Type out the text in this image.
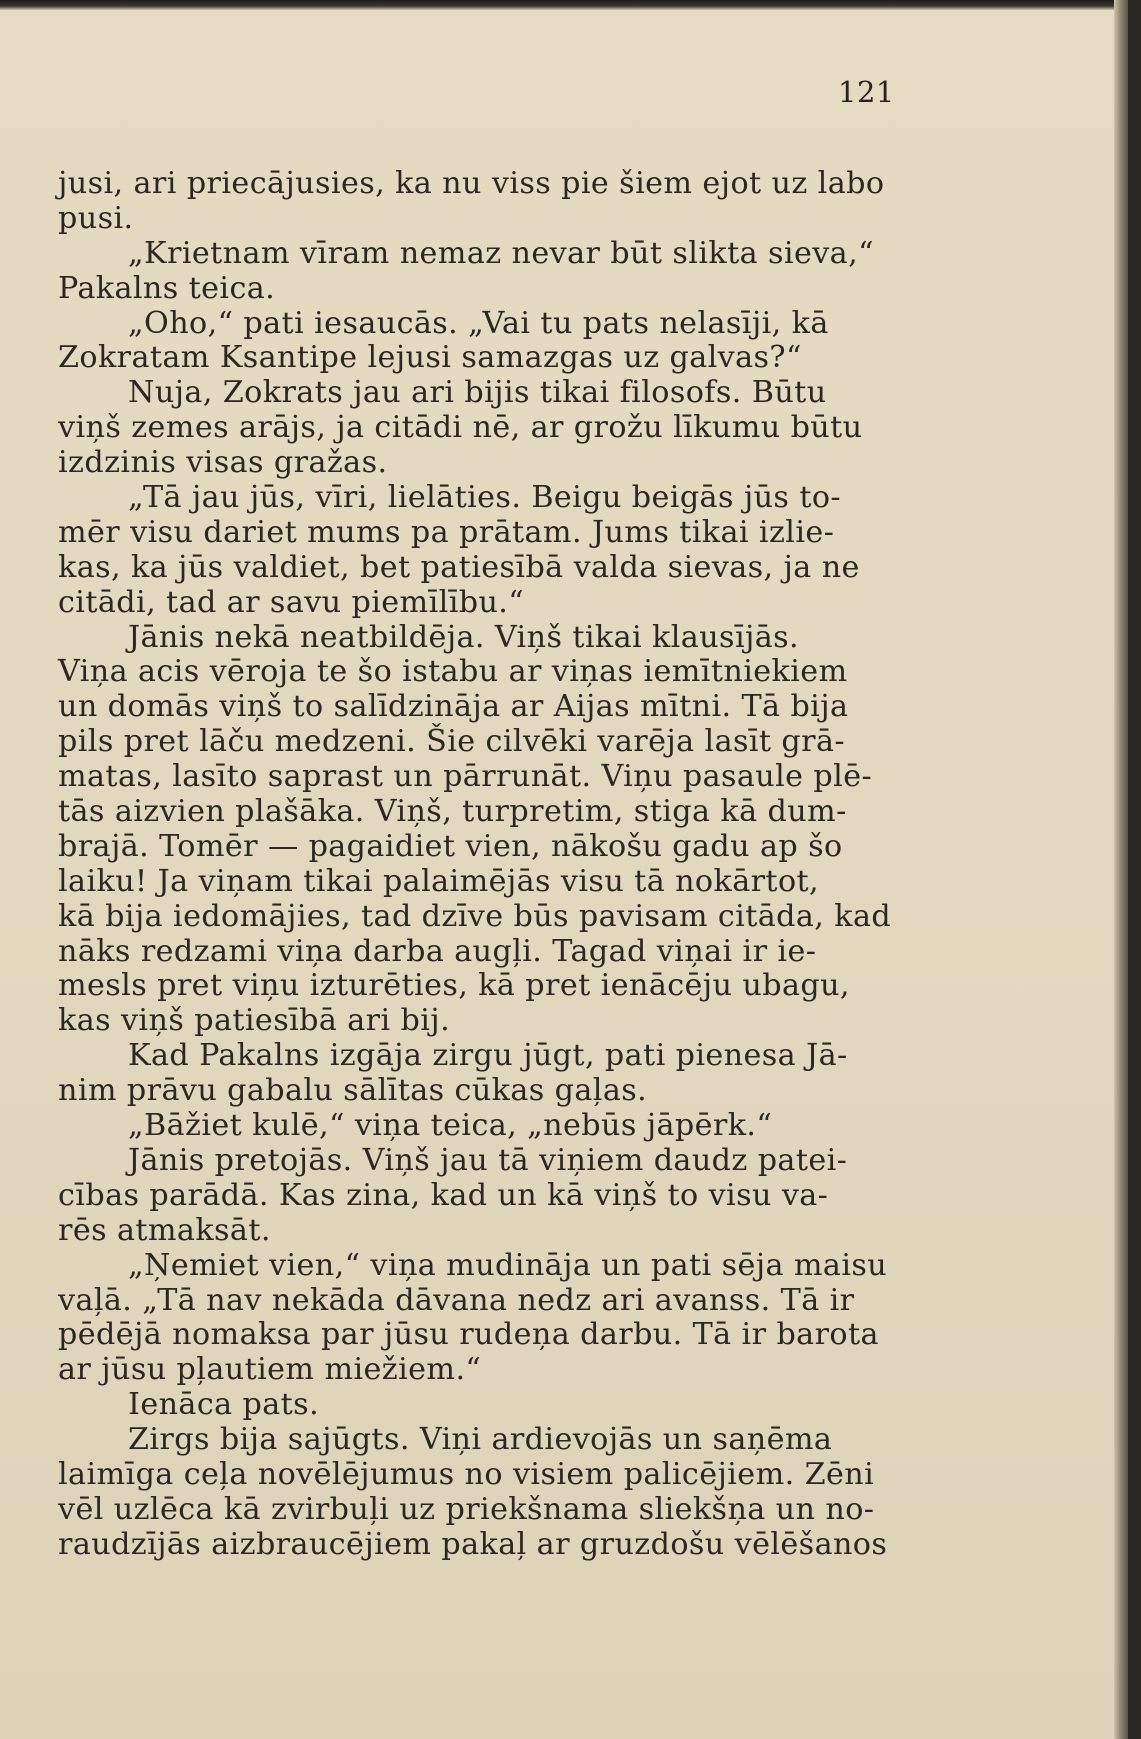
121
jusi, ari priecājusies, ka nu viss pie šiem ejot uz labo
pusi.
„Krietnam vīram nemaz nevar būt slikta sieva,“
Pakalns teica.
„Oho,“ pati iesaucās. „Vai tu pats nelasīji, kā
Zokratam Ksantipe lejusi samazgas uz galvas?“
Nuja, Zokrats jau ari bijis tikai filosofs. Būtu
viņš zemes arājs, ja citādi nē, ar grožu līkumu būtu
izdzinis visas gražas.
„Tā jau jūs, vīri, lielāties. Beigu beigās jūs to-
mēr visu dariet mums pa prātam. Jums tikai izlie-
kas, ka jūs valdiet, bet patiesībā valda sievas, ja ne
citādi, tad ar savu piemīlību.“
Jānis nekā neatbildēja. Viņš tikai klausījās.
Viņa acis vēroja te šo istabu ar viņas iemītniekiem
un domās viņš to salīdzināja ar Aijas mītni. Tā bija
pils pret lāču medzeni. Šie cilvēki varēja lasīt grā-
matas, lasīto saprast un pārrunāt. Viņu pasaule plē-
tās aizvien plašāka. Viņš, turpretim, stiga kā dum-
brajā. Tomēr — pagaidiet vien, nākošu gadu ap šo
laiku! Ja viņam tikai palaimējās visu tā nokārtot,
kā bija iedomājies, tad dzīve būs pavisam citāda, kad
nāks redzami viņa darba augļi. Tagad viņai ir ie-
mesls pret viņu izturēties, kā pret ienācēju ubagu,
kas viņš patiesībā ari bij.
Kad Pakalns izgāja zirgu jūgt, pati pienesa Jā-
nim prāvu gabalu sālītas cūkas gaļas.
„Bāžiet kulē,“ viņa teica, „nebūs jāpērk.“
Jānis pretojās. Viņš jau tā viņiem daudz patei-
cības parādā. Kas zina, kad un kā viņš to visu va-
rēs atmaksāt.
„Ņemiet vien,“ viņa mudināja un pati sēja maisu
vaļā. „Tā nav nekāda dāvana nedz ari avanss. Tā ir
pēdējā nomaksa par jūsu rudeņa darbu. Tā ir barota
ar jūsu pļautiem miežiem.“
Ienāca pats.
Zirgs bija sajūgts. Viņi ardievojās un saņēma
laimīga ceļa novēlējumus no visiem palicējiem. Zēni
vēl uzlēca kā zvirbuļi uz priekšnama sliekšņa un no-
raudzījās aizbraucējiem pakaļ ar gruzdošu vēlēšanos
